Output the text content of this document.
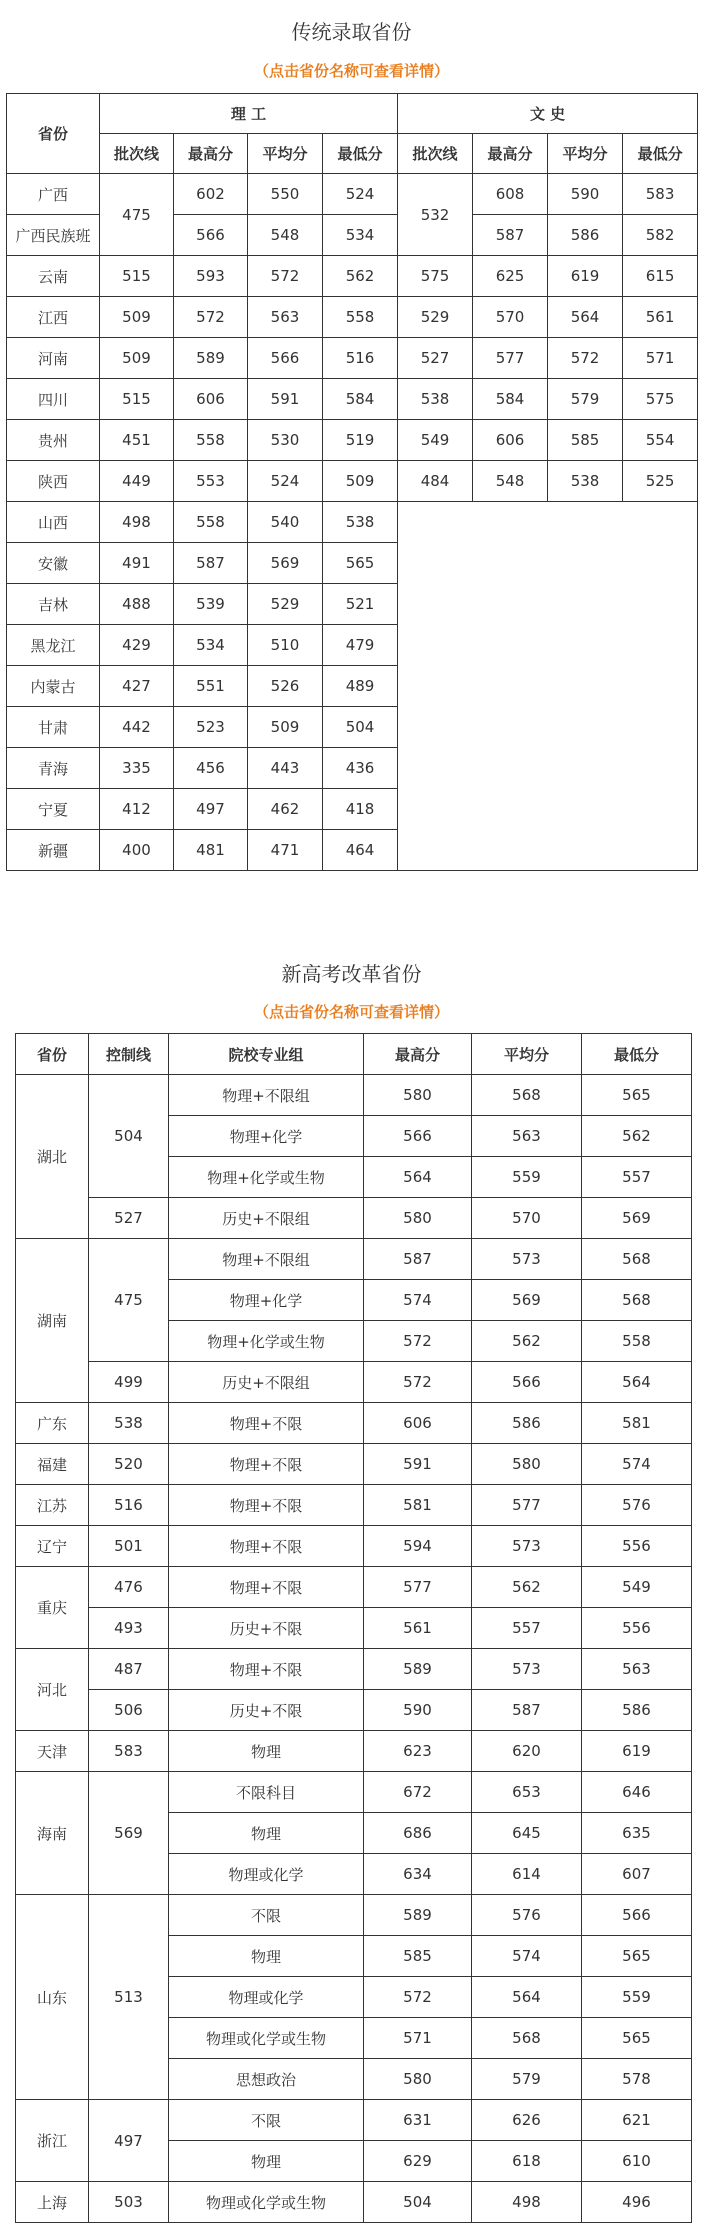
传统录取省份
（点击省份名称可查看详情）
省份	理 工				文 史			
	批次线	最高分	平均分	最低分	批次线	最高分	平均分	最低分
广西	475	602	550	524	532	608	590	583
广西民族班		566	548	534		587	586	582
云南	515	593	572	562	575	625	619	615
江西	509	572	563	558	529	570	564	561
河南	509	589	566	516	527	577	572	571
四川	515	606	591	584	538	584	579	575
贵州	451	558	530	519	549	606	585	554
陕西	449	553	524	509	484	548	538	525
山西	498	558	540	538				
安徽	491	587	569	565				
吉林	488	539	529	521				
黑龙江	429	534	510	479				
内蒙古	427	551	526	489				
甘肃	442	523	509	504				
青海	335	456	443	436				
宁夏	412	497	462	418				
新疆	400	481	471	464				
新高考改革省份
（点击省份名称可查看详情）
省份	控制线	院校专业组	最高分	平均分	最低分
湖北	504	物理+不限组	580	568	565
		物理+化学	566	563	562
		物理+化学或生物	564	559	557
	527	历史+不限组	580	570	569
湖南	475	物理+不限组	587	573	568
		物理+化学	574	569	568
		物理+化学或生物	572	562	558
	499	历史+不限组	572	566	564
广东	538	物理+不限	606	586	581
福建	520	物理+不限	591	580	574
江苏	516	物理+不限	581	577	576
辽宁	501	物理+不限	594	573	556
重庆	476	物理+不限	577	562	549
	493	历史+不限	561	557	556
河北	487	物理+不限	589	573	563
	506	历史+不限	590	587	586
天津	583	物理	623	620	619
海南	569	不限科目	672	653	646
		物理	686	645	635
		物理或化学	634	614	607
山东	513	不限	589	576	566
		物理	585	574	565
		物理或化学	572	564	559
		物理或化学或生物	571	568	565
		思想政治	580	579	578
浙江	497	不限	631	626	621
		物理	629	618	610
上海	503	物理或化学或生物	504	498	496
